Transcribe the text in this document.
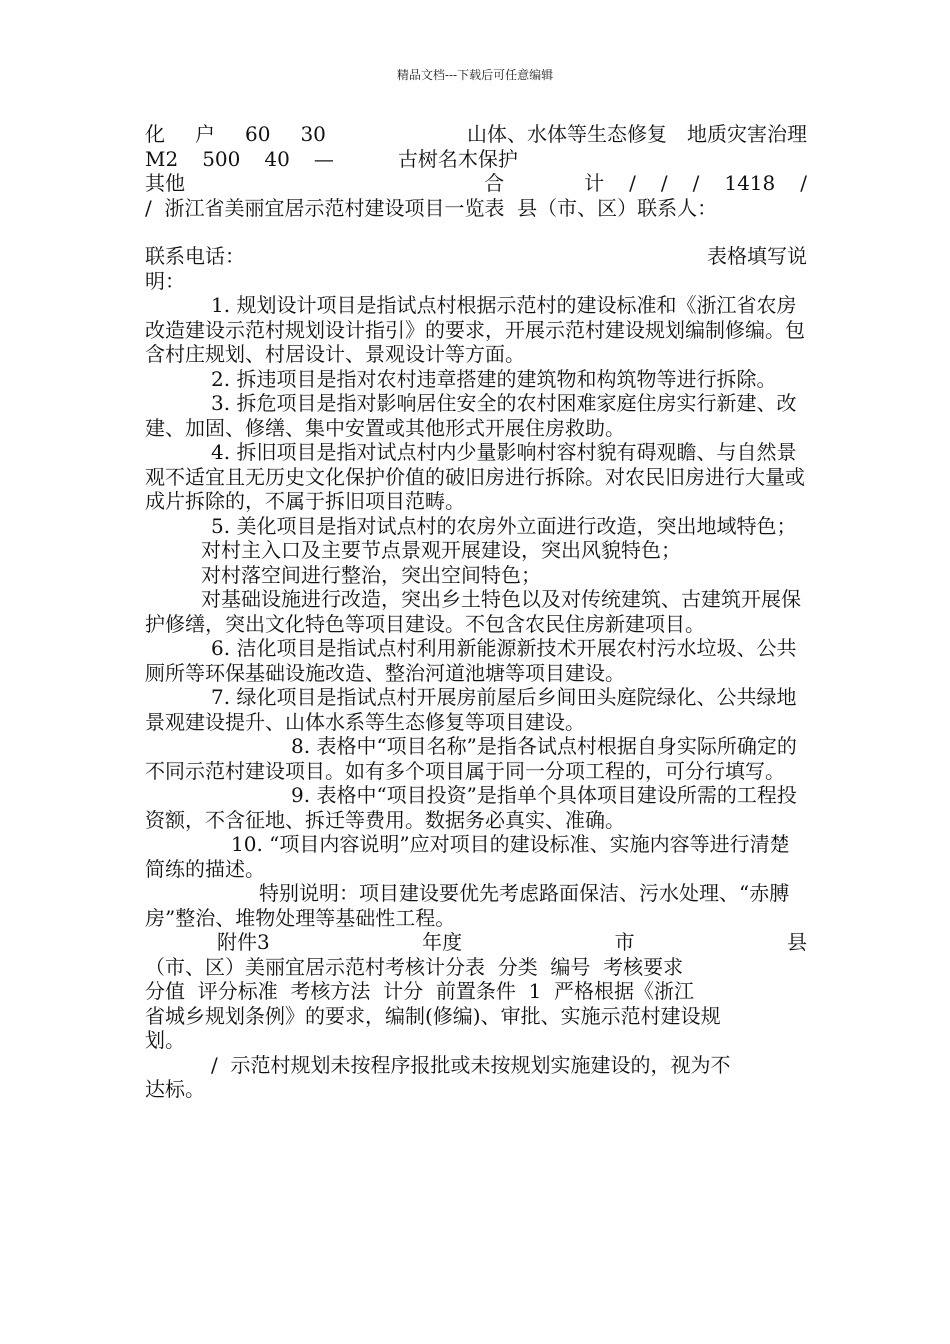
精品文档---下载后可任意编辑
化 户 60 30	山体、水体等生态修复 地质灾害治理
M2 500 40 —	古树名木保护
其他	合	计 / / / 1418 /

/  浙江省美丽宜居示范村建设项目一览表  县（市、区）联系人：

联系电话：	表格填写说

明：

1. 规划设计项目是指试点村根据示范村的建设标准和《浙江省农房改造建设示范村规划设计指引》的要求，开展示范村建设规划编制修编。包含村庄规划、村居设计、景观设计等方面。

2. 拆违项目是指对农村违章搭建的建筑物和构筑物等进行拆除。

3. 拆危项目是指对影响居住安全的农村困难家庭住房实行新建、改建、加固、修缮、集中安置或其他形式开展住房救助。

4. 拆旧项目是指对试点村内少量影响村容村貌有碍观瞻、与自然景观不适宜且无历史文化保护价值的破旧房进行拆除。对农民旧房进行大量或成片拆除的，不属于拆旧项目范畴。

5. 美化项目是指对试点村的农房外立面进行改造，突出地域特色；

对村主入口及主要节点景观开展建设，突出风貌特色；

对村落空间进行整治，突出空间特色；

对基础设施进行改造，突出乡土特色以及对传统建筑、古建筑开展保护修缮，突出文化特色等项目建设。不包含农民住房新建项目。

6. 洁化项目是指试点村利用新能源新技术开展农村污水垃圾、公共厕所等环保基础设施改造、整治河道池塘等项目建设。

7. 绿化项目是指试点村开展房前屋后乡间田头庭院绿化、公共绿地景观建设提升、山体水系等生态修复等项目建设。

8. 表格中“项目名称”是指各试点村根据自身实际所确定的不同示范村建设项目。如有多个项目属于同一分项工程的，可分行填写。

9. 表格中“项目投资”是指单个具体项目建设所需的工程投资额，不含征地、拆迁等费用。数据务必真实、准确。

10. “项目内容说明”应对项目的建设标准、实施内容等进行清楚简练的描述。

特别说明：项目建设要优先考虑路面保洁、污水处理、“赤膊房”整治、堆物处理等基础性工程。

附件3	年度	市	县

（市、区）美丽宜居示范村考核计分表  分类  编号  考核要求

分值  评分标准  考核方法  计分  前置条件  1  严格根据《浙江

省城乡规划条例》的要求，编制(修编)、审批、实施示范村建设规

划。

/  示范村规划未按程序报批或未按规划实施建设的，视为不

达标。
